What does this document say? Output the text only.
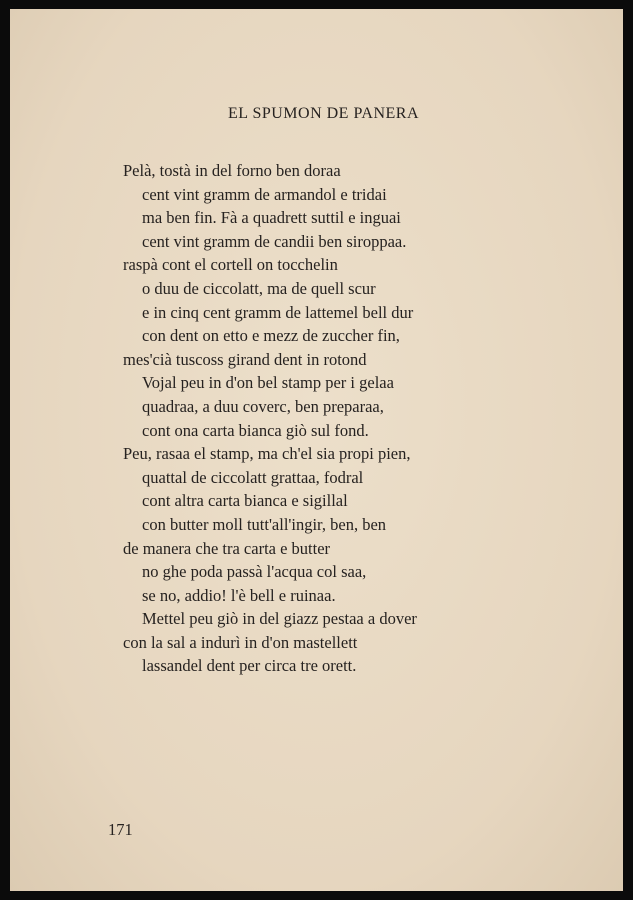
EL SPUMON DE PANERA
Pelà, tostà in del forno ben doraa
cent vint gramm de armandol e tridai
ma ben fin. Fà a quadrett suttil e inguai
cent vint gramm de candii ben siroppaa.
raspà cont el cortell on tocchelin
o duu de ciccolatt, ma de quell scur
e in cinq cent gramm de lattemel bell dur
con dent on etto e mezz de zuccher fin,
mes'cià tuscoss girand dent in rotond
Vojal peu in d'on bel stamp per i gelaa
quadraa, a duu coverc, ben preparaa,
cont ona carta bianca giò sul fond.
Peu, rasaa el stamp, ma ch'el sia propi pien,
quattal de ciccolatt grattaa, fodral
cont altra carta bianca e sigillal
con butter moll tutt'all'ingir, ben, ben
de manera che tra carta e butter
no ghe poda passà l'acqua col saa,
se no, addio! l'è bell e ruinaa.
Mettel peu giò in del giazz pestaa a dover
con la sal a indurì in d'on mastellett
lassandel dent per circa tre orett.
171
